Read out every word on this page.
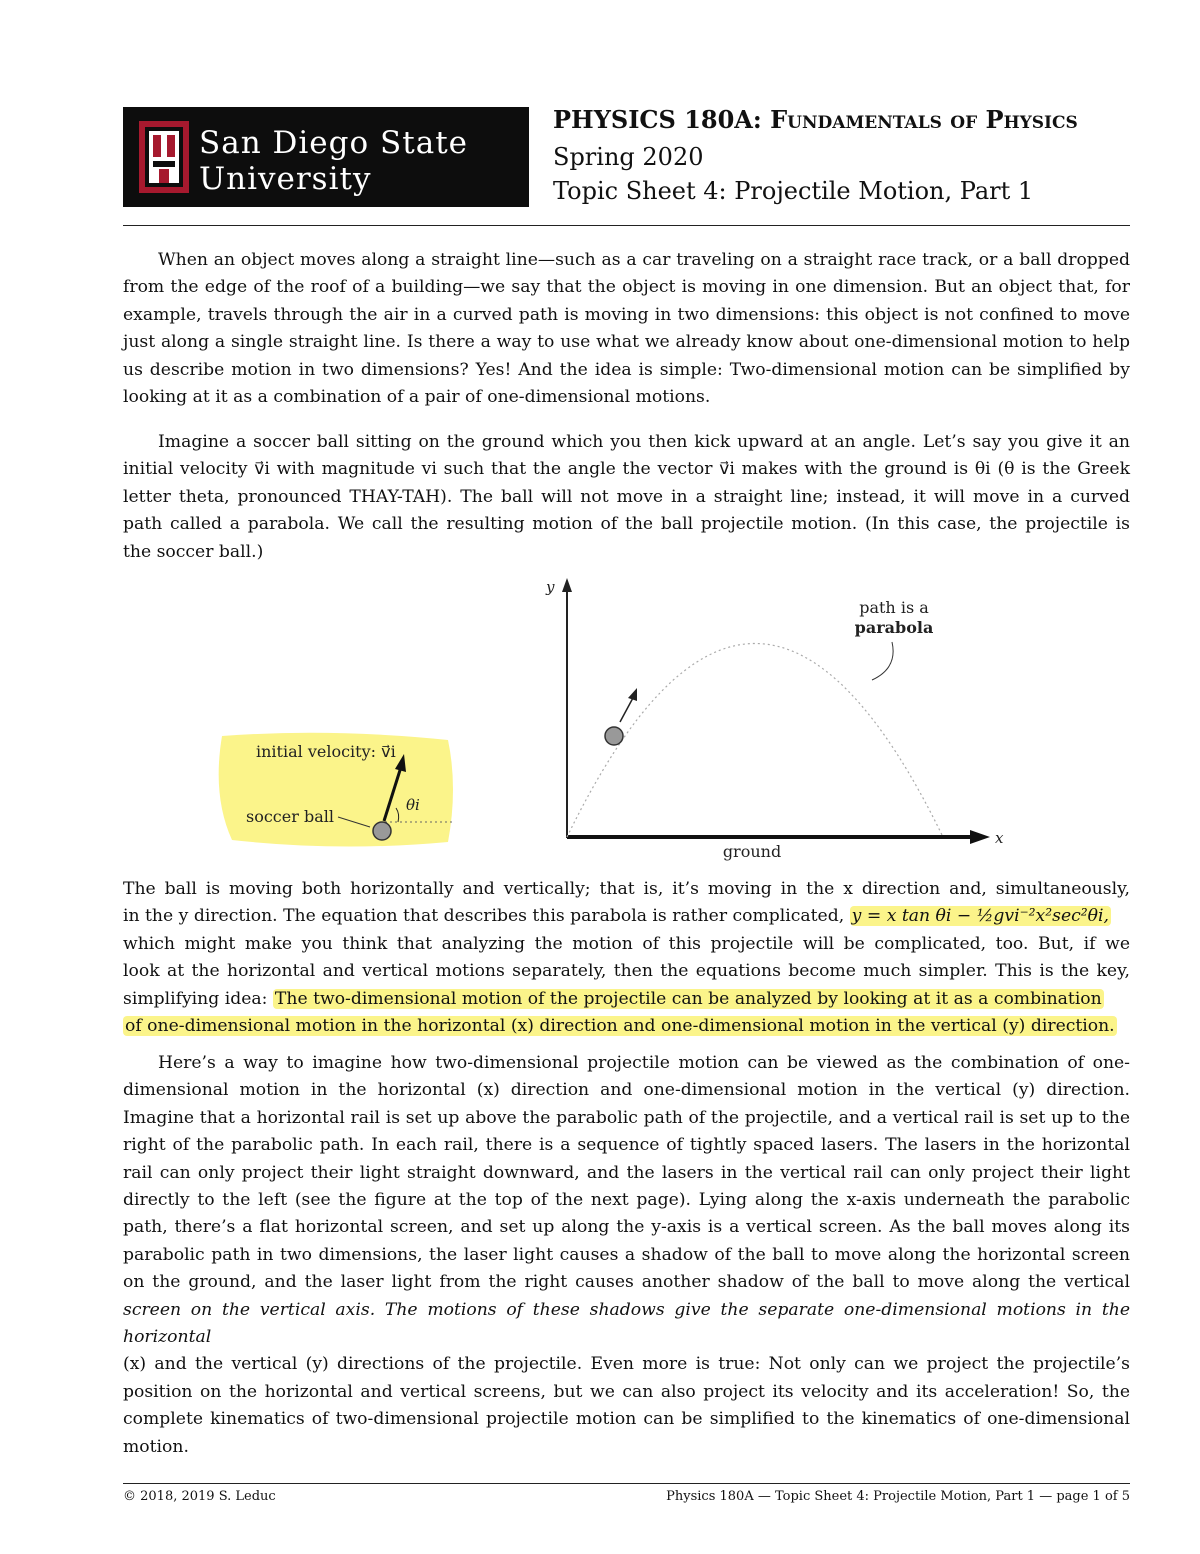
San Diego State
University
PHYSICS 180A: Fundamentals of Physics
Spring 2020
Topic Sheet 4: Projectile Motion, Part 1
When an object moves along a straight line—such as a car traveling on a straight race track, or a ball dropped
from the edge of the roof of a building—we say that the object is moving in one dimension. But an object that, for
example, travels through the air in a curved path is moving in two dimensions: this object is not confined to move
just along a single straight line. Is there a way to use what we already know about one-dimensional motion to help
us describe motion in two dimensions? Yes! And the idea is simple: Two-dimensional motion can be simplified by
looking at it as a combination of a pair of one-dimensional motions.
Imagine a soccer ball sitting on the ground which you then kick upward at an angle. Let’s say you give it an
initial velocity v⃗i with magnitude vi such that the angle the vector v⃗i makes with the ground is θi (θ is the Greek
letter theta, pronounced THAY-TAH). The ball will not move in a straight line; instead, it will move in a curved
path called a parabola. We call the resulting motion of the ball projectile motion. (In this case, the projectile is
the soccer ball.)
y
x
ground
path is a
parabola
initial velocity: v⃗i
soccer ball
θi
The ball is moving both horizontally and vertically; that is, it’s moving in the x direction and, simultaneously,
in the y direction. The equation that describes this parabola is rather complicated, y = x tan θi − ½gvi⁻²x²sec²θi,
which might make you think that analyzing the motion of this projectile will be complicated, too. But, if we
look at the horizontal and vertical motions separately, then the equations become much simpler. This is the key,
simplifying idea: The two-dimensional motion of the projectile can be analyzed by looking at it as a combination
of one-dimensional motion in the horizontal (x) direction and one-dimensional motion in the vertical (y) direction.
Here’s a way to imagine how two-dimensional projectile motion can be viewed as the combination of one-
dimensional motion in the horizontal (x) direction and one-dimensional motion in the vertical (y) direction.
Imagine that a horizontal rail is set up above the parabolic path of the projectile, and a vertical rail is set up to the
right of the parabolic path. In each rail, there is a sequence of tightly spaced lasers. The lasers in the horizontal
rail can only project their light straight downward, and the lasers in the vertical rail can only project their light
directly to the left (see the figure at the top of the next page). Lying along the x-axis underneath the parabolic
path, there’s a flat horizontal screen, and set up along the y-axis is a vertical screen. As the ball moves along its
parabolic path in two dimensions, the laser light causes a shadow of the ball to move along the horizontal screen
on the ground, and the laser light from the right causes another shadow of the ball to move along the vertical
screen on the vertical axis. The motions of these shadows give the separate one-dimensional motions in the horizontal
(x) and the vertical (y) directions of the projectile. Even more is true: Not only can we project the projectile’s
position on the horizontal and vertical screens, but we can also project its velocity and its acceleration! So, the
complete kinematics of two-dimensional projectile motion can be simplified to the kinematics of one-dimensional
motion.
© 2018, 2019 S. Leduc	Physics 180A — Topic Sheet 4: Projectile Motion, Part 1 — page 1 of 5
